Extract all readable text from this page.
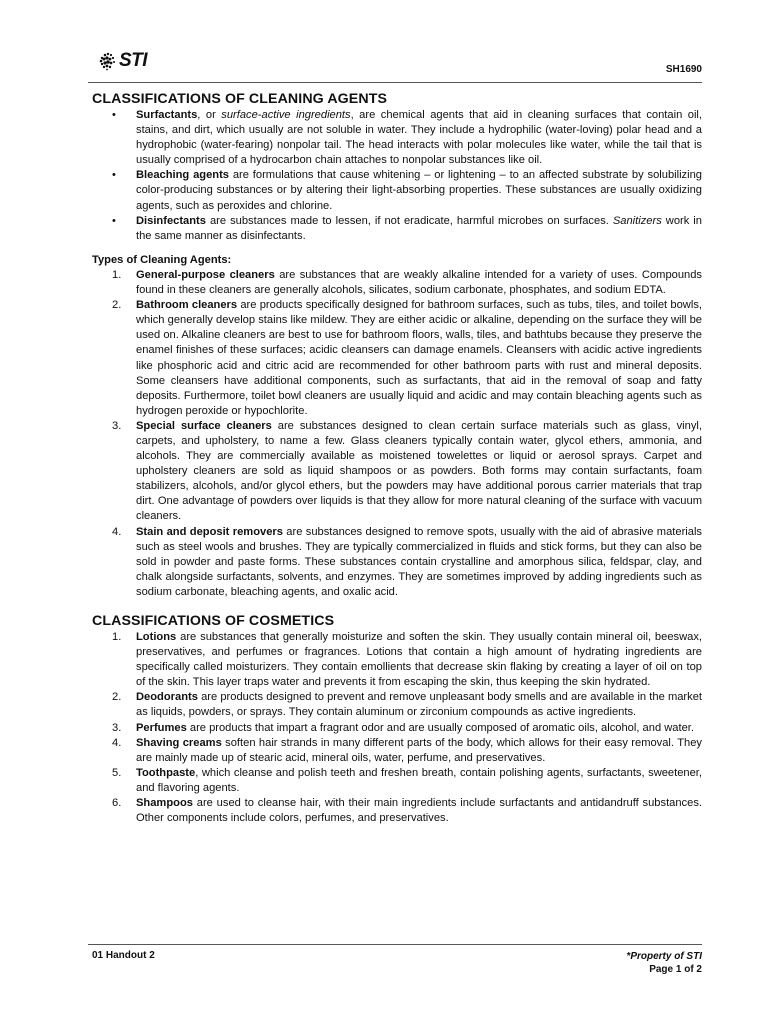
STI	SH1690
CLASSIFICATIONS OF CLEANING AGENTS
• Surfactants, or surface-active ingredients, are chemical agents that aid in cleaning surfaces that contain oil, stains, and dirt, which usually are not soluble in water. They include a hydrophilic (water-loving) polar head and a hydrophobic (water-fearing) nonpolar tail. The head interacts with polar molecules like water, while the tail that is usually comprised of a hydrocarbon chain attaches to nonpolar substances like oil.
• Bleaching agents are formulations that cause whitening – or lightening – to an affected substrate by solubilizing color-producing substances or by altering their light-absorbing properties. These substances are usually oxidizing agents, such as peroxides and chlorine.
• Disinfectants are substances made to lessen, if not eradicate, harmful microbes on surfaces. Sanitizers work in the same manner as disinfectants.
Types of Cleaning Agents:
1. General-purpose cleaners are substances that are weakly alkaline intended for a variety of uses. Compounds found in these cleaners are generally alcohols, silicates, sodium carbonate, phosphates, and sodium EDTA.
2. Bathroom cleaners are products specifically designed for bathroom surfaces, such as tubs, tiles, and toilet bowls, which generally develop stains like mildew. They are either acidic or alkaline, depending on the surface they will be used on. Alkaline cleaners are best to use for bathroom floors, walls, tiles, and bathtubs because they preserve the enamel finishes of these surfaces; acidic cleansers can damage enamels. Cleansers with acidic active ingredients like phosphoric acid and citric acid are recommended for other bathroom parts with rust and mineral deposits. Some cleansers have additional components, such as surfactants, that aid in the removal of soap and fatty deposits. Furthermore, toilet bowl cleaners are usually liquid and acidic and may contain bleaching agents such as hydrogen peroxide or hypochlorite.
3. Special surface cleaners are substances designed to clean certain surface materials such as glass, vinyl, carpets, and upholstery, to name a few. Glass cleaners typically contain water, glycol ethers, ammonia, and alcohols. They are commercially available as moistened towelettes or liquid or aerosol sprays. Carpet and upholstery cleaners are sold as liquid shampoos or as powders. Both forms may contain surfactants, foam stabilizers, alcohols, and/or glycol ethers, but the powders may have additional porous carrier materials that trap dirt. One advantage of powders over liquids is that they allow for more natural cleaning of the surface with vacuum cleaners.
4. Stain and deposit removers are substances designed to remove spots, usually with the aid of abrasive materials such as steel wools and brushes. They are typically commercialized in fluids and stick forms, but they can also be sold in powder and paste forms. These substances contain crystalline and amorphous silica, feldspar, clay, and chalk alongside surfactants, solvents, and enzymes. They are sometimes improved by adding ingredients such as sodium carbonate, bleaching agents, and oxalic acid.
CLASSIFICATIONS OF COSMETICS
1. Lotions are substances that generally moisturize and soften the skin. They usually contain mineral oil, beeswax, preservatives, and perfumes or fragrances. Lotions that contain a high amount of hydrating ingredients are specifically called moisturizers. They contain emollients that decrease skin flaking by creating a layer of oil on top of the skin. This layer traps water and prevents it from escaping the skin, thus keeping the skin hydrated.
2. Deodorants are products designed to prevent and remove unpleasant body smells and are available in the market as liquids, powders, or sprays. They contain aluminum or zirconium compounds as active ingredients.
3. Perfumes are products that impart a fragrant odor and are usually composed of aromatic oils, alcohol, and water.
4. Shaving creams soften hair strands in many different parts of the body, which allows for their easy removal. They are mainly made up of stearic acid, mineral oils, water, perfume, and preservatives.
5. Toothpaste, which cleanse and polish teeth and freshen breath, contain polishing agents, surfactants, sweetener, and flavoring agents.
6. Shampoos are used to cleanse hair, with their main ingredients include surfactants and antidandruff substances. Other components include colors, perfumes, and preservatives.
01 Handout 2	*Property of STI
Page 1 of 2
